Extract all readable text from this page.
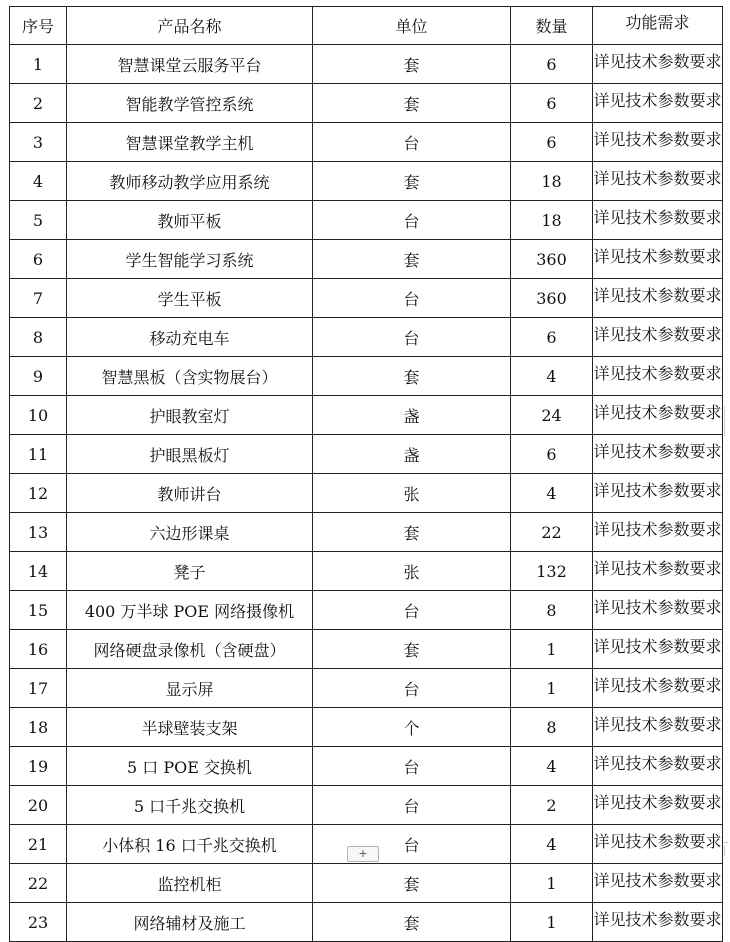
序号	产品名称	单位	数量	功能需求
1	智慧课堂云服务平台	套	6	详见技术参数要求
2	智能教学管控系统	套	6	详见技术参数要求
3	智慧课堂教学主机	台	6	详见技术参数要求
4	教师移动教学应用系统	套	18	详见技术参数要求
5	教师平板	台	18	详见技术参数要求
6	学生智能学习系统	套	360	详见技术参数要求
7	学生平板	台	360	详见技术参数要求
8	移动充电车	台	6	详见技术参数要求
9	智慧黑板（含实物展台）	套	4	详见技术参数要求
10	护眼教室灯	盏	24	详见技术参数要求
11	护眼黑板灯	盏	6	详见技术参数要求
12	教师讲台	张	4	详见技术参数要求
13	六边形课桌	套	22	详见技术参数要求
14	凳子	张	132	详见技术参数要求
15	400 万半球 POE 网络摄像机	台	8	详见技术参数要求
16	网络硬盘录像机（含硬盘）	套	1	详见技术参数要求
17	显示屏	台	1	详见技术参数要求
18	半球壁装支架	个	8	详见技术参数要求
19	5 口 POE 交换机	台	4	详见技术参数要求
20	5 口千兆交换机	台	2	详见技术参数要求
21	小体积 16 口千兆交换机	台	4	详见技术参数要求
22	监控机柜	套	1	详见技术参数要求
23	网络辅材及施工	套	1	详见技术参数要求
+
